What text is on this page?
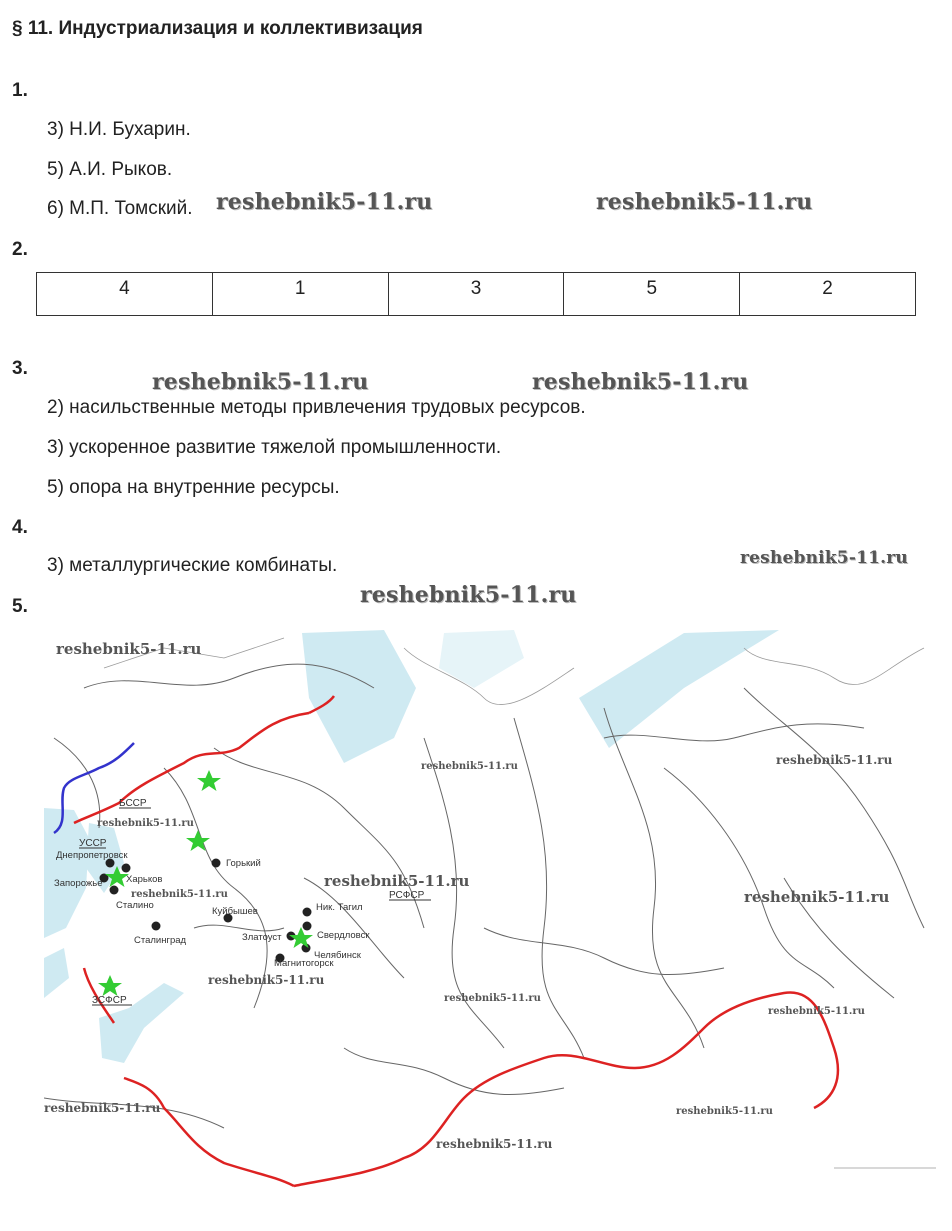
§ 11. Индустриализация и коллективизация
1.
3) Н.И. Бухарин.
5) А.И. Рыков.
6) М.П. Томский.
2.
4	1	3	5	2
3.
2) насильственные методы привлечения трудовых ресурсов.
3) ускоренное развитие тяжелой промышленности.
5) опора на внутренние ресурсы.
4.
3) металлургические комбинаты.
5.
reshebnik5-11.ru	reshebnik5-11.ru
reshebnik5-11.ru	reshebnik5-11.ru
reshebnik5-11.ru
reshebnik5-11.ru
БССР
УССР
РСФСР
ЗСФСР
Днепропетровск
Харьков
Запорожье
Сталино
Сталинград
Горький
Куйбышев	Ник. Тагил
Свердловск
Златоуст
Челябинск
Магнитогорск
reshebnik5-11.ru
reshebnik5-11.ru	reshebnik5-11.ru
reshebnik5-11.ru
reshebnik5-11.ru
reshebnik5-11.ru	reshebnik5-11.ru
reshebnik5-11.ru
reshebnik5-11.ru
reshebnik5-11.ru
reshebnik5-11.ru	reshebnik5-11.ru
reshebnik5-11.ru
